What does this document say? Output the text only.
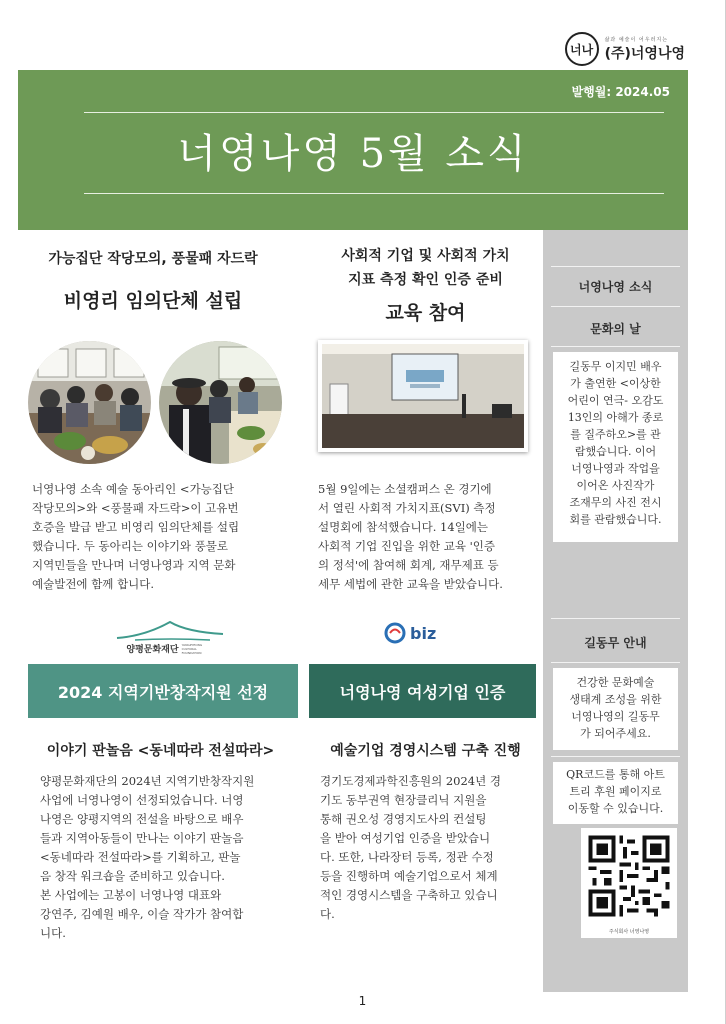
너나
삶과 예술이 어우러지는
(주)너영나영
발행월: 2024.05
너영나영 5월 소식
가능집단 작당모의, 풍물패 자드락
비영리 임의단체 설립
너영나영 소속 예술 동아리인 <가능집단
작당모의>와 <풍물패 자드락>이 고유번
호증을 발급 받고 비영리 임의단체를 설립
했습니다. 두 동아리는 이야기와 풍물로
지역민들을 만나며 너영나영과 지역 문화
예술발전에 함께 합니다.
사회적 기업 및 사회적 가치
지표 측정 확인 인증 준비
교육 참여
5월 9일에는 소셜캠퍼스 온 경기에
서 열린 사회적 가치지표(SVI) 측정
설명회에 참석했습니다. 14일에는
사회적 기업 진입을 위한 교육 '인증
의 정석'에 참여해 회계, 재무제표 등
세무 세법에 관한 교육을 받았습니다.
양평문화재단
YANGPYEONG CULTURAL FOUNDATION
biz
2024 지역기반창작지원 선정	너영나영 여성기업 인증
이야기 판놀음 <동네따라 전설따라>
양평문화재단의 2024년 지역기반창작지원
사업에 너영나영이 선정되었습니다. 너영
나영은 양평지역의 전설을 바탕으로 배우
들과 지역아동들이 만나는 이야기 판놀음
<동네따라 전설따라>를 기획하고, 판놀
음 창작 워크숍을 준비하고 있습니다.
본 사업에는 고봉이 너영나영 대표와
강연주, 김예원 배우, 이슬 작가가 참여합
니다.
예술기업 경영시스템 구축 진행
경기도경제과학진흥원의 2024년 경
기도 동부권역 현장클리닉 지원을
통해 권오성 경영지도사의 컨설팅
을 받아 여성기업 인증을 받았습니
다. 또한, 나라장터 등록, 정관 수정
등을 진행하며 예술기업으로서 체계
적인 경영시스템을 구축하고 있습니
다.
너영나영 소식
문화의 날
길동무 이지민 배우
가 출연한 <이상한
어린이 연극- 오감도
13인의 아해가 종로
를 질주하오>를 관
람했습니다. 이어
너영나영과 작업을
이어온 사진작가
조재무의 사진 전시
회를 관람했습니다.
길동무 안내
건강한 문화예술
생태계 조성을 위한
너영나영의 길동무
가 되어주세요.
QR코드를 통해 아트
트리 후원 페이지로
이동할 수 있습니다.
주식회사 너영나영
1
